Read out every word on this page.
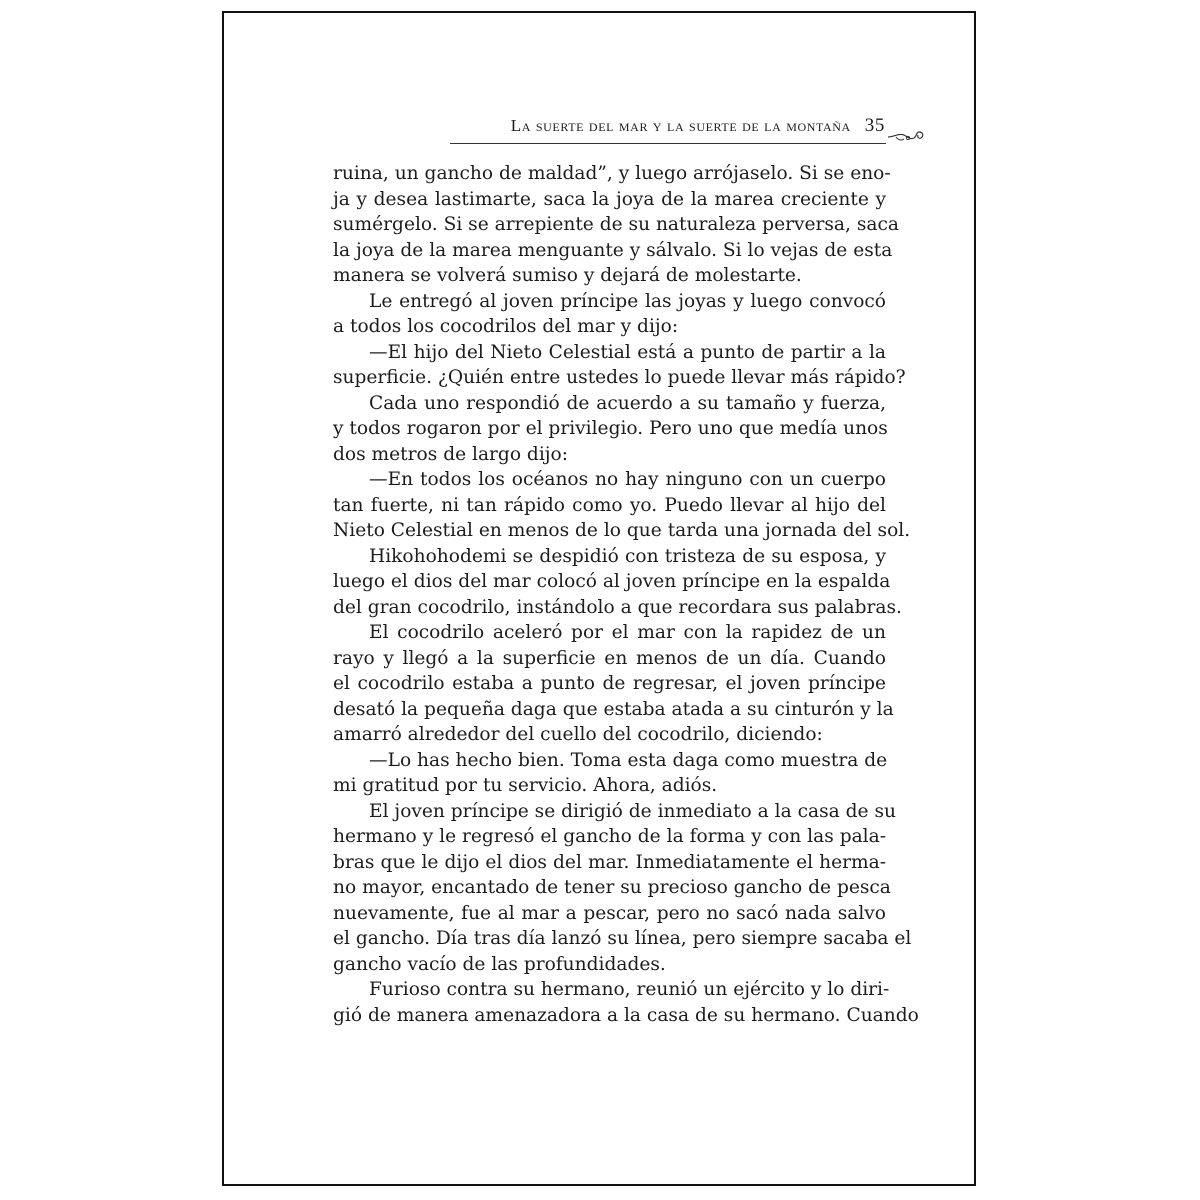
La suerte del mar y la suerte de la montaña 35
ruina, un gancho de maldad”, y luego arrójaselo. Si se eno-
ja y desea lastimarte, saca la joya de la marea creciente y
sumérgelo. Si se arrepiente de su naturaleza perversa, saca
la joya de la marea menguante y sálvalo. Si lo vejas de esta
manera se volverá sumiso y dejará de molestarte.
Le entregó al joven príncipe las joyas y luego convocó
a todos los cocodrilos del mar y dijo:
—El hijo del Nieto Celestial está a punto de partir a la
superficie. ¿Quién entre ustedes lo puede llevar más rápido?
Cada uno respondió de acuerdo a su tamaño y fuerza,
y todos rogaron por el privilegio. Pero uno que medía unos
dos metros de largo dijo:
—En todos los océanos no hay ninguno con un cuerpo
tan fuerte, ni tan rápido como yo. Puedo llevar al hijo del
Nieto Celestial en menos de lo que tarda una jornada del sol.
Hikohohodemi se despidió con tristeza de su esposa, y
luego el dios del mar colocó al joven príncipe en la espalda
del gran cocodrilo, instándolo a que recordara sus palabras.
El cocodrilo aceleró por el mar con la rapidez de un
rayo y llegó a la superficie en menos de un día. Cuando
el cocodrilo estaba a punto de regresar, el joven príncipe
desató la pequeña daga que estaba atada a su cinturón y la
amarró alrededor del cuello del cocodrilo, diciendo:
—Lo has hecho bien. Toma esta daga como muestra de
mi gratitud por tu servicio. Ahora, adiós.
El joven príncipe se dirigió de inmediato a la casa de su
hermano y le regresó el gancho de la forma y con las pala-
bras que le dijo el dios del mar. Inmediatamente el herma-
no mayor, encantado de tener su precioso gancho de pesca
nuevamente, fue al mar a pescar, pero no sacó nada salvo
el gancho. Día tras día lanzó su línea, pero siempre sacaba el
gancho vacío de las profundidades.
Furioso contra su hermano, reunió un ejército y lo diri-
gió de manera amenazadora a la casa de su hermano. Cuando
